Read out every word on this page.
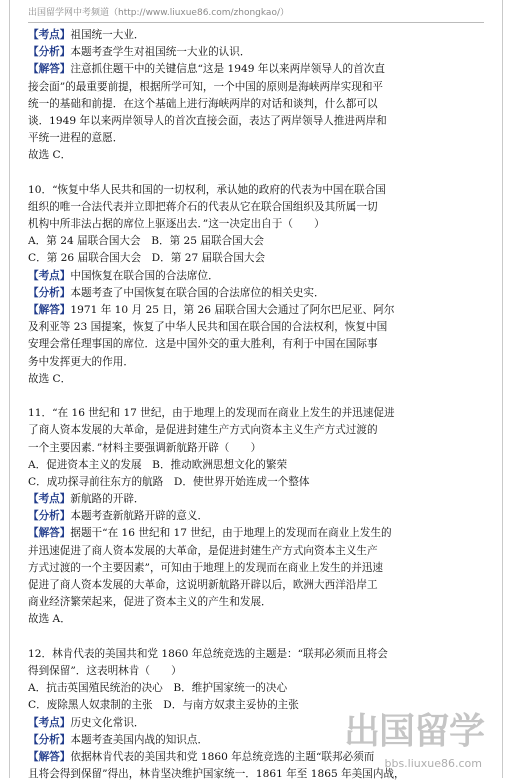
出国留学网中考频道（http://www.liuxue86.com/zhongkao/）
【考点】祖国统一大业．
【分析】本题考查学生对祖国统一大业的认识．
【解答】注意抓住题干中的关键信息“这是 1949 年以来两岸领导人的首次直
接会面”的最重要前提，根据所学可知，一个中国的原则是海峡两岸实现和平
统一的基础和前提．在这个基础上进行海峡两岸的对话和谈判，什么都可以
谈．1949 年以来两岸领导人的首次直接会面，表达了两岸领导人推进两岸和
平统一进程的意愿．
故选 C．
10．“恢复中华人民共和国的一切权利，承认她的政府的代表为中国在联合国
组织的唯一合法代表并立即把蒋介石的代表从它在联合国组织及其所属一切
机构中所非法占据的席位上驱逐出去．”这一决定出自于（　　）
A．第 24 届联合国大会　B．第 25 届联合国大会
C．第 26 届联合国大会　D．第 27 届联合国大会
【考点】中国恢复在联合国的合法席位．
【分析】本题考查了中国恢复在联合国的合法席位的相关史实．
【解答】1971 年 10 月 25 日，第 26 届联合国大会通过了阿尔巴尼亚、阿尔
及利亚等 23 国提案，恢复了中华人民共和国在联合国的合法权利，恢复中国
安理会常任理事国的席位．这是中国外交的重大胜利，有利于中国在国际事
务中发挥更大的作用．
故选 C．
11．“在 16 世纪和 17 世纪，由于地理上的发现而在商业上发生的并迅速促进
了商人资本发展的大革命，是促进封建生产方式向资本主义生产方式过渡的
一个主要因素．”材料主要强调新航路开辟（　　）
A．促进资本主义的发展　B．推动欧洲思想文化的繁荣
C．成功探寻前往东方的航路　D．使世界开始连成一个整体
【考点】新航路的开辟．
【分析】本题考查新航路开辟的意义．
【解答】据题干“在 16 世纪和 17 世纪，由于地理上的发现而在商业上发生的
并迅速促进了商人资本发展的大革命，是促进封建生产方式向资本主义生产
方式过渡的一个主要因素”，可知由于地理上的发现而在商业上发生的并迅速
促进了商人资本发展的大革命，这说明新航路开辟以后，欧洲大西洋沿岸工
商业经济繁荣起来，促进了资本主义的产生和发展．
故选 A．
12．林肯代表的美国共和党 1860 年总统竞选的主题是：“联邦必须而且将会
得到保留”．这表明林肯（　　）
A．抗击英国殖民统治的决心　B．维护国家统一的决心
C．废除黑人奴隶制的主张　D．与南方奴隶主妥协的主张
【考点】历史文化常识．
【分析】本题考查美国内战的知识点．
【解答】依据林肯代表的美国共和党 1860 年总统竞选的主题“联邦必须而
且将会得到保留”得出，林肯坚决维护国家统一．1861 年至 1865 年美国内战，
出国留学
bbs.liuxue86.com
